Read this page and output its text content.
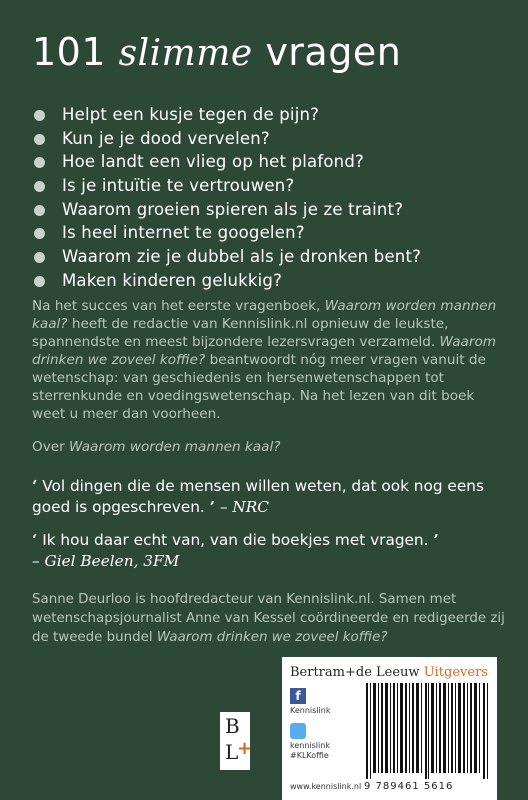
101 slimme vragen
Helpt een kusje tegen de pijn?
Kun je je dood vervelen?
Hoe landt een vlieg op het plafond?
Is je intuïtie te vertrouwen?
Waarom groeien spieren als je ze traint?
Is heel internet te googelen?
Waarom zie je dubbel als je dronken bent?
Maken kinderen gelukkig?
Na het succes van het eerste vragenboek, Waarom worden mannen kaal? heeft de redactie van Kennislink.nl opnieuw de leukste, spannendste en meest bijzondere lezersvragen verzameld. Waarom drinken we zoveel koffie? beantwoordt nóg meer vragen vanuit de wetenschap: van geschiedenis en hersenwetenschappen tot sterrenkunde en voedingswetenschap. Na het lezen van dit boek weet u meer dan voorheen.
Over Waarom worden mannen kaal?
‘ Vol dingen die de mensen willen weten, dat ook nog eens goed is opgeschreven. ’ – NRC
‘ Ik hou daar echt van, van die boekjes met vragen. ’
– Giel Beelen, 3FM
Sanne Deurloo is hoofdredacteur van Kennislink.nl. Samen met wetenschapsjournalist Anne van Kessel coördineerde en redigeerde zij de tweede bundel Waarom drinken we zoveel koffie?
B
L
+
Bertram+de Leeuw Uitgevers
f
Kennislink
kennislink
#KLKoffie
www.kennislink.nl 9 789461 5616
